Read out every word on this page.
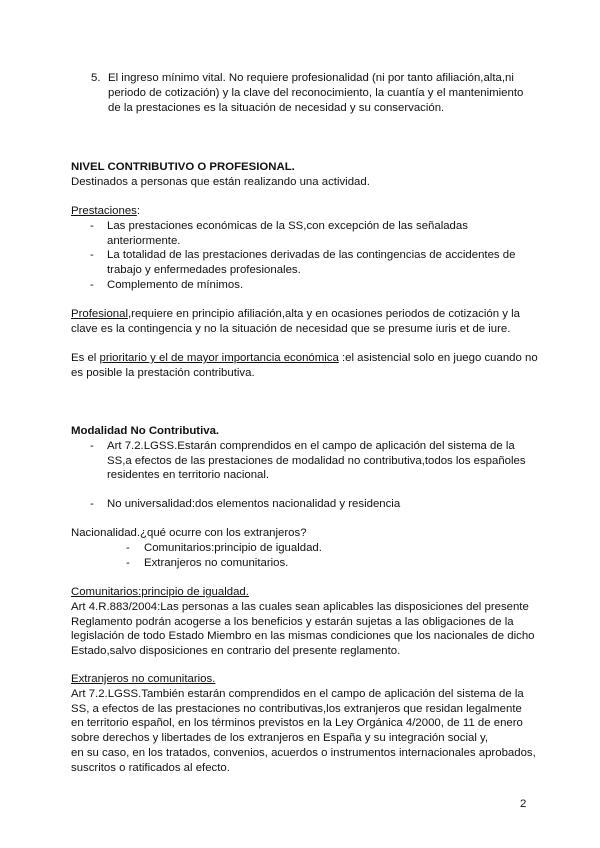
5. El ingreso mínimo vital. No requiere profesionalidad (ni por tanto afiliación,alta,ni periodo de cotización) y la clave del reconocimiento, la cuantía y el mantenimiento de la prestaciones es la situación de necesidad y su conservación.

NIVEL CONTRIBUTIVO O PROFESIONAL.

Destinados a personas que están realizando una actividad.

Prestaciones:

- Las prestaciones económicas de la SS,con excepción de las señaladas anteriormente.
- La totalidad de las prestaciones derivadas de las contingencias de accidentes de trabajo y enfermedades profesionales.
- Complemento de mínimos.

Profesional,requiere en principio afiliación,alta y en ocasiones periodos de cotización y la clave es la contingencia y no la situación de necesidad que se presume iuris et de iure.

Es el prioritario y el de mayor importancia económica :el asistencial solo en juego cuando no es posible la prestación contributiva.

Modalidad No Contributiva.

- Art 7.2.LGSS.Estarán comprendidos en el campo de aplicación del sistema de la SS,a efectos de las prestaciones de modalidad no contributiva,todos los españoles residentes en territorio nacional.
- No universalidad:dos elementos nacionalidad y residencia

Nacionalidad.¿qué ocurre con los extranjeros?

- Comunitarios:principio de igualdad.
- Extranjeros no comunitarios.

Comunitarios:principio de igualdad.

Art 4.R.883/2004:Las personas a las cuales sean aplicables las disposiciones del presente Reglamento podrán acogerse a los beneficios y estarán sujetas a las obligaciones de la legislación de todo Estado Miembro en las mismas condiciones que los nacionales de dicho Estado,salvo disposiciones en contrario del presente reglamento.

Extranjeros no comunitarios.

Art 7.2.LGSS.También estarán comprendidos en el campo de aplicación del sistema de la

SS, a efectos de las prestaciones no contributivas,los extranjeros que residan legalmente

en territorio español, en los términos previstos en la Ley Orgánica 4/2000, de 11 de enero

sobre derechos y libertades de los extranjeros en España y su integración social y,

en su caso, en los tratados, convenios, acuerdos o instrumentos internacionales aprobados,

suscritos o ratificados al efecto.

2
